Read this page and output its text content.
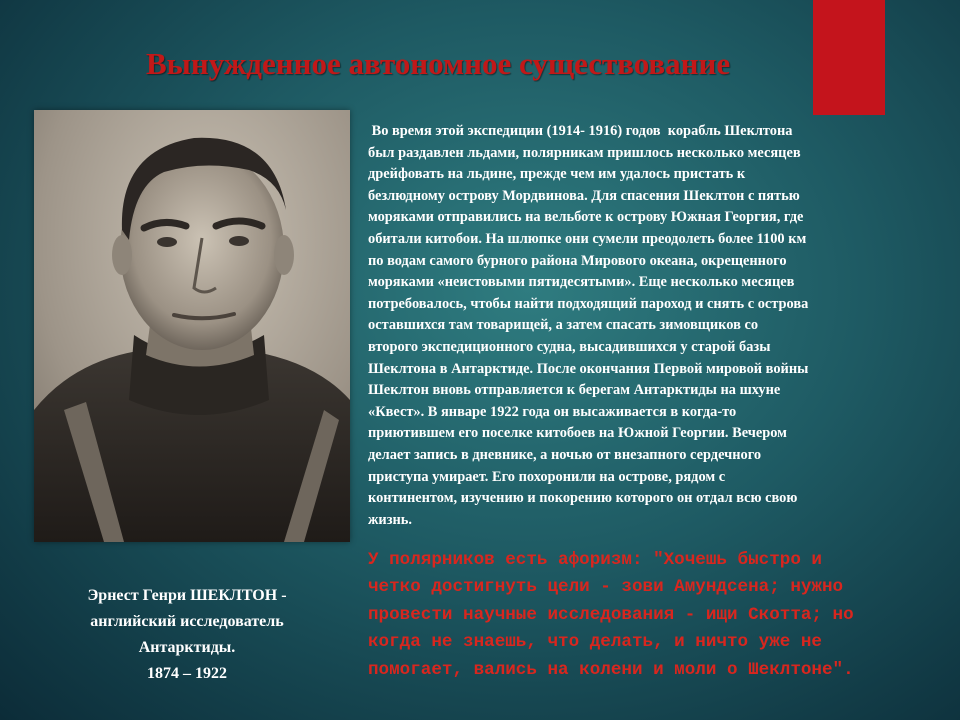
Вынужденное автономное существование
Эрнест Генри ШЕКЛТОН -
английский исследователь
Антарктиды.
1874 – 1922
Во время этой экспедиции (1914- 1916) годов  корабль Шеклтона
был раздавлен льдами, полярникам пришлось несколько месяцев
дрейфовать на льдине, прежде чем им удалось пристать к
безлюдному острову Мордвинова. Для спасения Шеклтон с пятью
моряками отправились на вельботе к острову Южная Георгия, где
обитали китобои. На шлюпке они сумели преодолеть более 1100 км
по водам самого бурного района Мирового океана, окрещенного
моряками «неистовыми пятидесятыми». Еще несколько месяцев
потребовалось, чтобы найти подходящий пароход и снять с острова
оставшихся там товарищей, а затем спасать зимовщиков со
второго экспедиционного судна, высадившихся у старой базы
Шеклтона в Антарктиде. После окончания Первой мировой войны
Шеклтон вновь отправляется к берегам Антарктиды на шхуне
«Квест». В январе 1922 года он высаживается в когда-то
приютившем его поселке китобоев на Южной Георгии. Вечером
делает запись в дневнике, а ночью от внезапного сердечного
приступа умирает. Его похоронили на острове, рядом с
континентом, изучению и покорению которого он отдал всю свою
жизнь.
У полярников есть афоризм: "Хочешь быстро и
четко достигнуть цели - зови Амундсена; нужно
провести научные исследования - ищи Скотта; но
когда не знаешь, что делать, и ничто уже не
помогает, вались на колени и моли о Шеклтоне".
